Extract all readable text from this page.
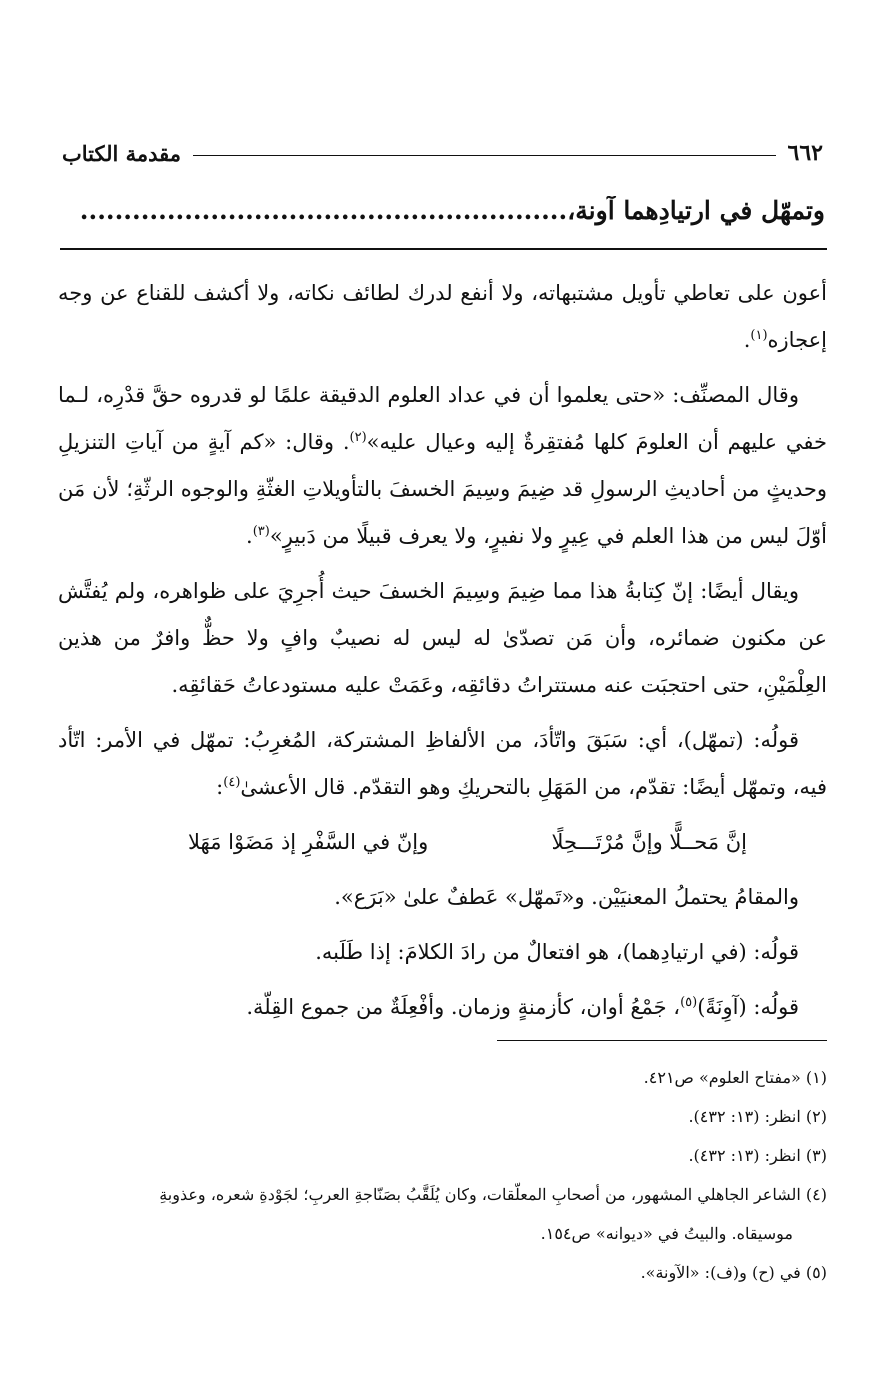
٦٦٢
مقدمة الكتاب
وتمهّل في ارتيادِهما آونة،........................................................

أعون على تعاطي تأويل مشتبهاته، ولا أنفع لدرك لطائف نكاته، ولا أكشف للقناع عن وجه إعجازه$^{(١)}$.

وقال المصنِّف: «حتى يعلموا أن في عداد العلوم الدقيقة علمًا لو قدروه حقَّ قدْرِه، لـما خفي عليهم أن العلومَ كلها مُفتقِرةٌ إليه وعيال عليه»$^{(٢)}$. وقال: «كم آيةٍ من آياتِ التنزيلِ وحديثٍ من أحاديثِ الرسولِ قد ضِيمَ وسِيمَ الخسفَ بالتأويلاتِ الغثّةِ والوجوه الرثّةِ؛ لأن مَن أوّلَ ليس من هذا العلم في عِيرٍ ولا نفيرٍ، ولا يعرف قبيلًا من دَبيرٍ»$^{(٣)}$.

ويقال أيضًا: إنّ كِتابةُ هذا مما ضِيمَ وسِيمَ الخسفَ حيث أُجرِيَ على ظواهره، ولم يُفتَّش عن مكنون ضمائره، وأن مَن تصدّىٰ له ليس له نصيبٌ وافٍ ولا حظٌّ وافرٌ من هذين العِلْمَيْنِ، حتى احتجبَت عنه مستتراتُ دقائقِه، وعَمَتْ عليه مستودعاتُ حَقائقِه.

قولُه: (تمهّل)، أي: سَبَقَ واتّأدَ، من الألفاظِ المشتركة، المُغرِبُ: تمهّل في الأمر: اتّأد فيه، وتمهّل أيضًا: تقدّم، من المَهَلِ بالتحريكِ وهو التقدّم. قال الأعشىٰ$^{(٤)}$:

إنَّ مَحــلًّا وإنَّ مُرْتَـــحِلًا
وإنّ في السَّفْرِ إذ مَضَوْا مَهَلا

والمقامُ يحتملُ المعنيَيْن. و«تَمهّل» عَطفٌ علىٰ «بَرَع».

قولُه: (في ارتيادِهما)، هو افتعالٌ من رادَ الكلامَ: إذا طَلَبه.

قولُه: (آوِنَةً)$^{(٥)}$، جَمْعُ أوان، كأزمنةٍ وزمان. وأفْعِلَةٌ من جموع القِلّة.

(١) «مفتاح العلوم» ص٤٢١.

(٢) انظر: (١٣: ٤٣٢).

(٣) انظر: (١٣: ٤٣٢).

(٤) الشاعر الجاهلي المشهور، من أصحابِ المعلّقات، وكان يُلَقَّبُ بصَنّاجةِ العربِ؛ لجَوْدةِ شعره، وعذوبةِ

موسيقاه. والبيتُ في «ديوانه» ص١٥٤.

(٥) في (ح) و(ف): «الآونة».
